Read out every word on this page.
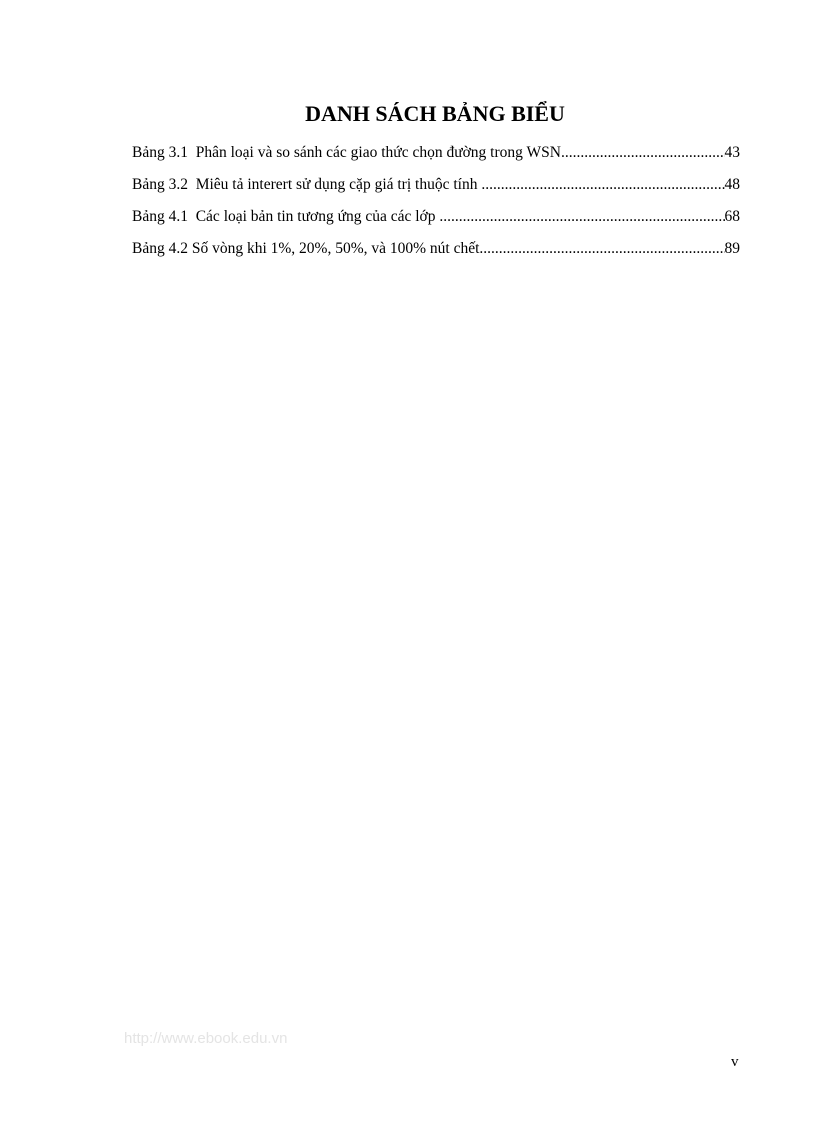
DANH SÁCH BẢNG BIỂU
Bảng 3.1 Phân loại và so sánh các giao thức chọn đường trong WSN .....	43
Bảng 3.2 Miêu tả interert sử dụng cặp giá trị thuộc tính .....	48
Bảng 4.1 Các loại bản tin tương ứng của các lớp .....	68
Bảng 4.2 Số vòng khi 1%, 20%, 50%, và 100% nút chết .....	89
http://www.ebook.edu.vn
v
